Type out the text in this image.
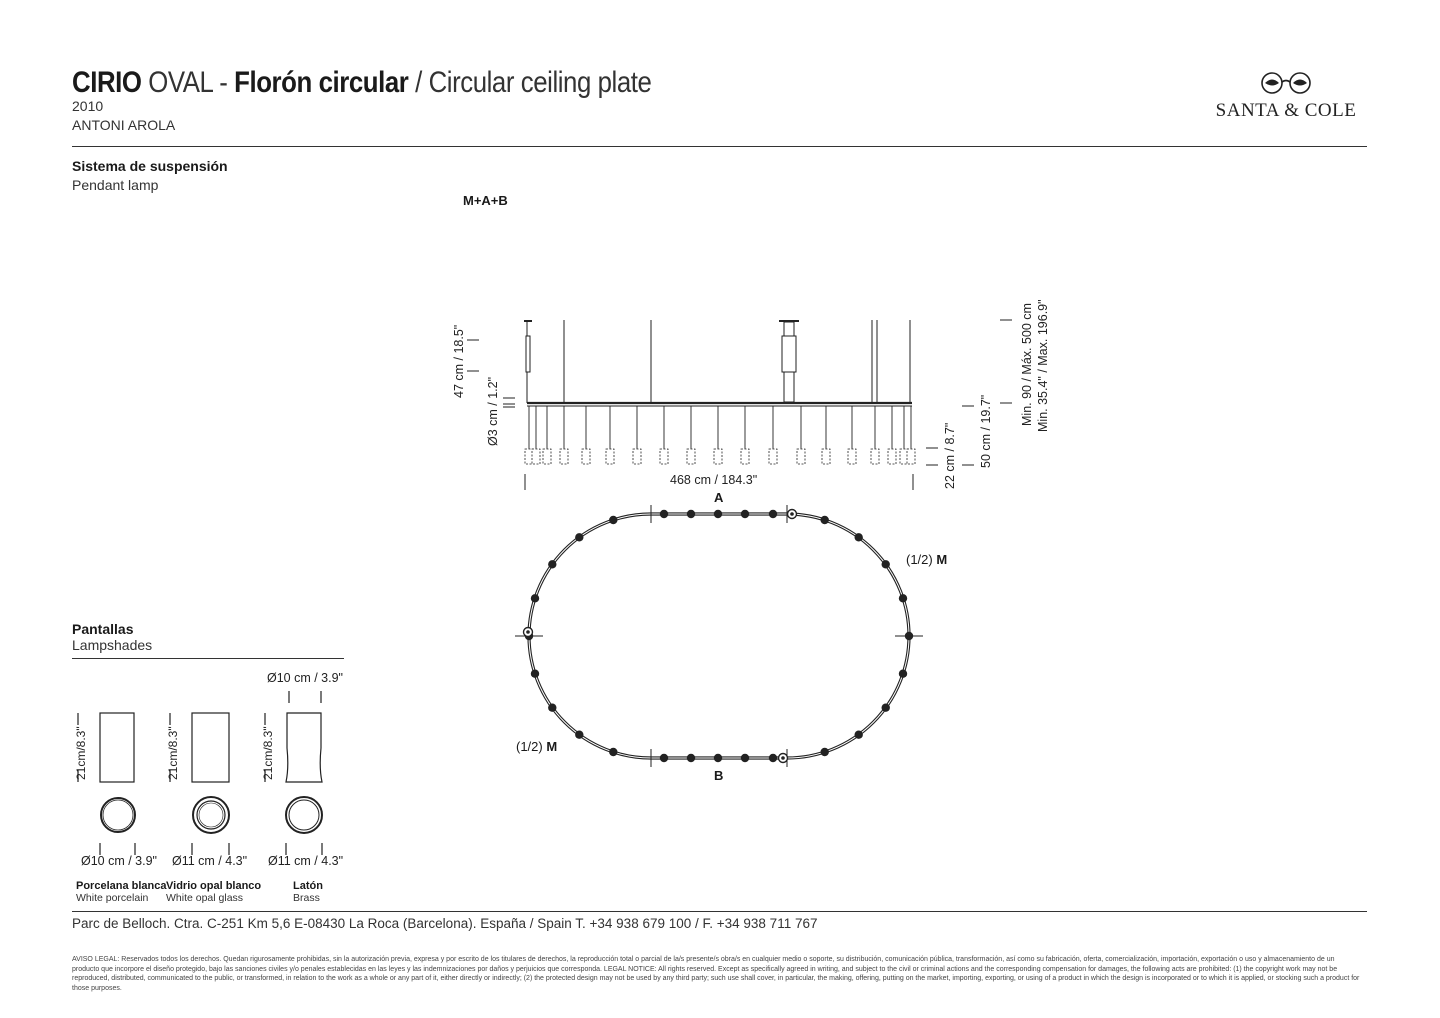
CIRIO OVAL - Florón circular / Circular ceiling plate
2010
ANTONI AROLA
SANTA & COLE
Sistema de suspensión
Pendant lamp
M+A+B
468 cm / 184.3"
47 cm / 18.5"
Ø3 cm / 1.2"
22 cm / 8.7" 50 cm / 19.7"
Min. 90 / Máx. 500 cm Min. 35.4" / Max. 196.9"
A
B
(1/2) M
(1/2) M
Pantallas
Lampshades
Ø10 cm / 3.9"
21cm/8.3"	21cm/8.3"	21cm/8.3"
Ø10 cm / 3.9" Ø11 cm / 4.3" Ø11 cm / 4.3"
Porcelana blanca
White porcelain
Vidrio opal blanco
White opal glass
Latón
Brass
Parc de Belloch. Ctra. C-251 Km 5,6 E-08430 La Roca (Barcelona). España / Spain T. +34 938 679 100 / F. +34 938 711 767
AVISO LEGAL: Reservados todos los derechos. Quedan rigurosamente prohibidas, sin la autorización previa, expresa y por escrito de los titulares de derechos, la reproducción total o parcial de la/s presente/s obra/s en cualquier medio o soporte, su distribución, comunicación pública, transformación, así como su fabricación, oferta, comercialización, importación, exportación o uso y almacenamiento de un producto que incorpore el diseño protegido, bajo las sanciones civiles y/o penales establecidas en las leyes y las indemnizaciones por daños y perjuicios que corresponda. LEGAL NOTICE: All rights reserved. Except as specifically agreed in writing, and subject to the civil or criminal actions and the corresponding compensation for damages, the following acts are prohibited: (1) the copyright work may not be reproduced, distributed, communicated to the public, or transformed, in relation to the work as a whole or any part of it, either directly or indirectly; (2) the protected design may not be used by any third party; such use shall cover, in particular, the making, offering, putting on the market, importing, exporting, or using of a product in which the design is incorporated or to which it is applied, or stocking such a product for those purposes.
